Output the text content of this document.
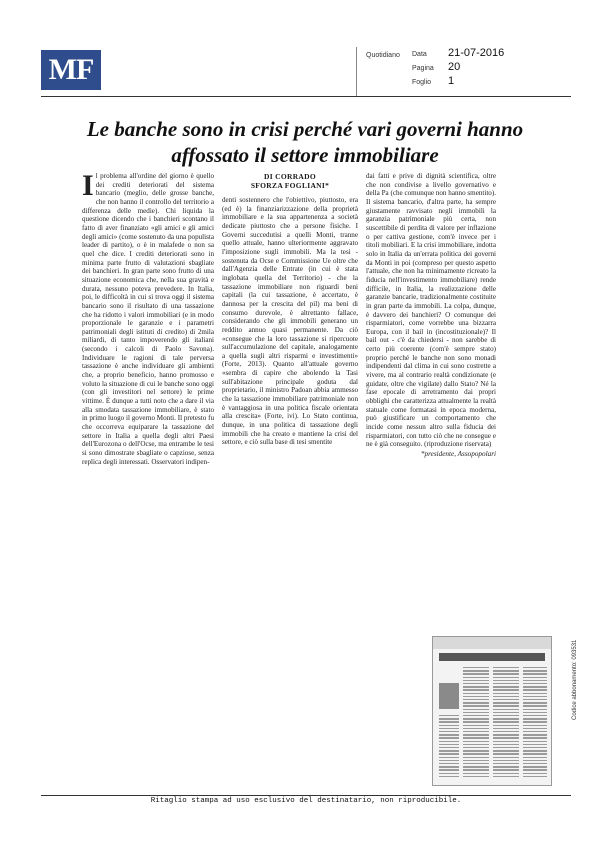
MF	Quotidiano Data	21-07-2016
Pagina	20
Foglio	1
Le banche sono in crisi perché vari governi hanno affossato il settore immobiliare

Il problema all'ordine del giorno è quello dei crediti deteriorati del sistema bancario (meglio, delle grosse banche, che non hanno il controllo del territorio a differenza delle medie). Chi liquida la questione dicendo che i banchieri scontano il fatto di aver finanziato «gli amici e gli amici degli amici» (come sostenuto da una populista leader di partito), o è in malafede o non sa quel che dice. I crediti deteriorati sono in minima parte frutto di valutazioni sbagliate dei banchieri. In gran parte sono frutto di una situazione economica che, nella sua gravità e durata, nessuno poteva prevedere. In Italia, poi, le difficoltà in cui si trova oggi il sistema bancario sono il risultato di una tassazione che ha ridotto i valori immobiliari (e in modo proporzionale le garanzie e i parametri patrimoniali degli istituti di credito) di 2mila miliardi, di tanto impoverendo gli italiani (secondo i calcoli di Paolo Savona). Individuare le ragioni di tale perversa tassazione è anche individuare gli ambienti che, a proprio beneficio, hanno promosso e voluto la situazione di cui le banche sono oggi (con gli investitori nel settore) le prime vittime. È dunque a tutti noto che a dare il via alla smodata tassazione immobiliare, è stato in primo luogo il governo Monti. Il pretesto fu che occorreva equiparare la tassazione del settore in Italia a quella degli altri Paesi dell'Eurozona o dell'Ocse, ma entrambe le tesi si sono dimostrate sbagliate o capziose, senza replica degli interessati. Osservatori indipen-

DI CORRADO
SFORZA FOGLIANI*

denti sostennero che l'obiettivo, piuttosto, era (ed è) la finanziarizzazione della proprietà immobiliare e la sua appartenenza a società dedicate piuttosto che a persone fisiche. I Governi succedutisi a quelli Monti, tranne quello attuale, hanno ulteriormente aggravato l'imposizione sugli immobili. Ma la tesi - sostenuta da Ocse e Commissione Ue oltre che dall'Agenzia delle Entrate (in cui è stata inglobata quella del Territorio) - che la tassazione immobiliare non riguardi beni capitali (la cui tassazione, è accertato, è dannosa per la crescita del pil) ma beni di consumo durevole, è altrettanto fallace, considerando che gli immobili generano un reddito annuo quasi permanente. Da ciò «conseguе che la loro tassazione si ripercuote sull'accumulazione del capitale, analogamente a quella sugli altri risparmi e investimenti» (Forte, 2013). Quanto all'attuale governo «sembra di capire che abolendo la Tasi sull'abitazione principale goduta dal proprietario, il ministro Padoan abbia ammesso che la tassazione immobiliare patrimoniale non è vantaggiosa in una politica fiscale orientata alla crescita» (Forte, ivi). Lo Stato continua, dunque, in una politica di tassazione degli immobili che ha creato e mantiene la crisi del settore, e ciò sulla base di tesi smentite

dai fatti e prive di dignità scientifica, oltre che non condivise a livello governativo e della Pa (che comunque non hanno smentito). Il sistema bancario, d'altra parte, ha sempre giustamente ravvisato negli immobili la garanzia patrimoniale più certa, non suscettibile di perdita di valore per inflazione o per cattiva gestione, com'è invece per i titoli mobiliari. E la crisi immobiliare, indotta solo in Italia da un'errata politica dei governi da Monti in poi (compreso per questo aspetto l'attuale, che non ha minimamente ricreato la fiducia nell'investimento immobiliare) rende difficile, in Italia, la realizzazione delle garanzie bancarie, tradizionalmente costituite in gran parte da immobili. La colpa, dunque, è davvero dei banchieri? O comunque dei risparmiatori, come vorrebbe una bizzarra Europa, con il bail in (incostituzionale)? Il bail out - c'è da chiedersi - non sarebbe di certo più coerente (com'è sempre stato) proprio perché le banche non sono monadi indipendenti dal clima in cui sono costrette a vivere, ma al contrario realtà condizionate (e guidate, oltre che vigilate) dallo Stato? Né la fase epocale di arretramento dai propri obblighi che caratterizza attualmente la realtà statuale come formatasi in epoca moderna, può giustificare un comportamento che incide come nessun altro sulla fiducia dei risparmiatori, con tutto ciò che ne consegue e ne è già conseguito. (riproduzione riservata)

*presidente, Assopopolari

Codice abbonamento: 093531
Ritaglio stampa ad uso esclusivo del destinatario, non riproducibile.
